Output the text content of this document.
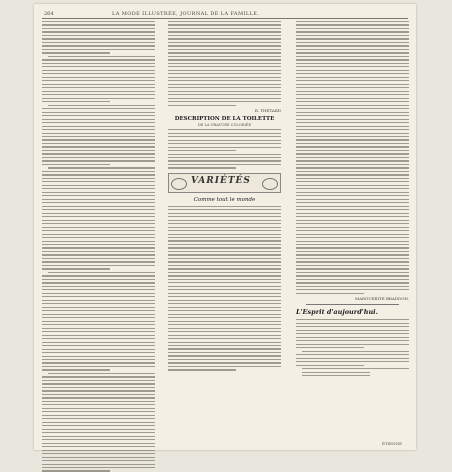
264	LA MODE ILLUSTRÉE, JOURNAL DE LA FAMILLE.
R. THÉTARD
DESCRIPTION DE LA TOILETTE
DE LA GRAVURE COLORIÉE
VARIÉTÉS
Comme tout le monde
MARGUERITE BRADDON.
L'Esprit d'aujourd'hui.
ÉTIENNE
